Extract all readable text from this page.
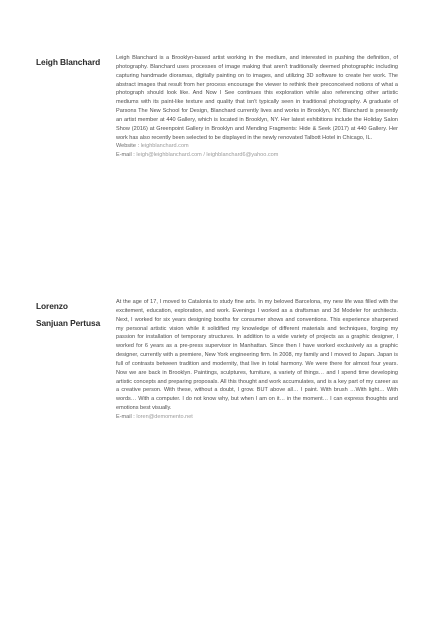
Leigh Blanchard	Leigh Blanchard is a Brooklyn-based artist working in the medium, and interested in pushing the definition, of photography. Blanchard uses processes of image making that aren't traditionally deemed photographic including capturing handmade dioramas, digitally painting on to images, and utilizing 3D software to create her work. The abstract images that result from her process encourage the viewer to rethink their preconceived notions of what a photograph should look like. And Now I See continues this exploration while also referencing other artistic mediums with its paint-like texture and quality that isn't typically seen in traditional photography. A graduate of Parsons The New School for Design, Blanchard currently lives and works in Brooklyn, NY. Blanchard is presently an artist member at 440 Gallery, which is located in Brooklyn, NY. Her latest exhibitions include the Holiday Salon Show (2016) at Greenpoint Gallery in Brooklyn and Mending Fragments: Hide & Seek (2017) at 440 Gallery. Her work has also recently been selected to be displayed in the newly renovated Talbott Hotel in Chicago, IL.

Website : leighblanchard.com

E-mail : leigh@leighblanchard.com / leighblanchard6@yahoo.com

Lorenzo
Sanjuan Pertusa

At the age of 17, I moved to Catalonia to study fine arts. In my beloved Barcelona, my new life was filled with the excitement, education, exploration, and work. Evenings I worked as a draftsman and 3d Modeler for architects. Next, I worked for six years designing booths for consumer shows and conventions. This experience sharpened my personal artistic vision while it solidified my knowledge of different materials and techniques, forging my passion for installation of temporary structures. In addition to a wide variety of projects as a graphic designer, I worked for 6 years as a pre-press supervisor in Manhattan. Since then I have worked exclusively as a graphic designer, currently with a premiere, New York engineering firm. In 2008, my family and I moved to Japan. Japan is full of contrasts between tradition and modernity, that live in total harmony. We were there for almost four years. Now we are back in Brooklyn. Paintings, sculptures, furniture, a variety of things… and I spend time developing artistic concepts and preparing proposals. All this thought and work accumulates, and is a key part of my career as a creative person. With these, without a doubt, I grow. BUT above all… I paint. With brush …With light… With words… With a computer. I do not know why, but when I am on it… in the moment… I can express thoughts and emotions best visually.

E-mail : loren@demomento.net
